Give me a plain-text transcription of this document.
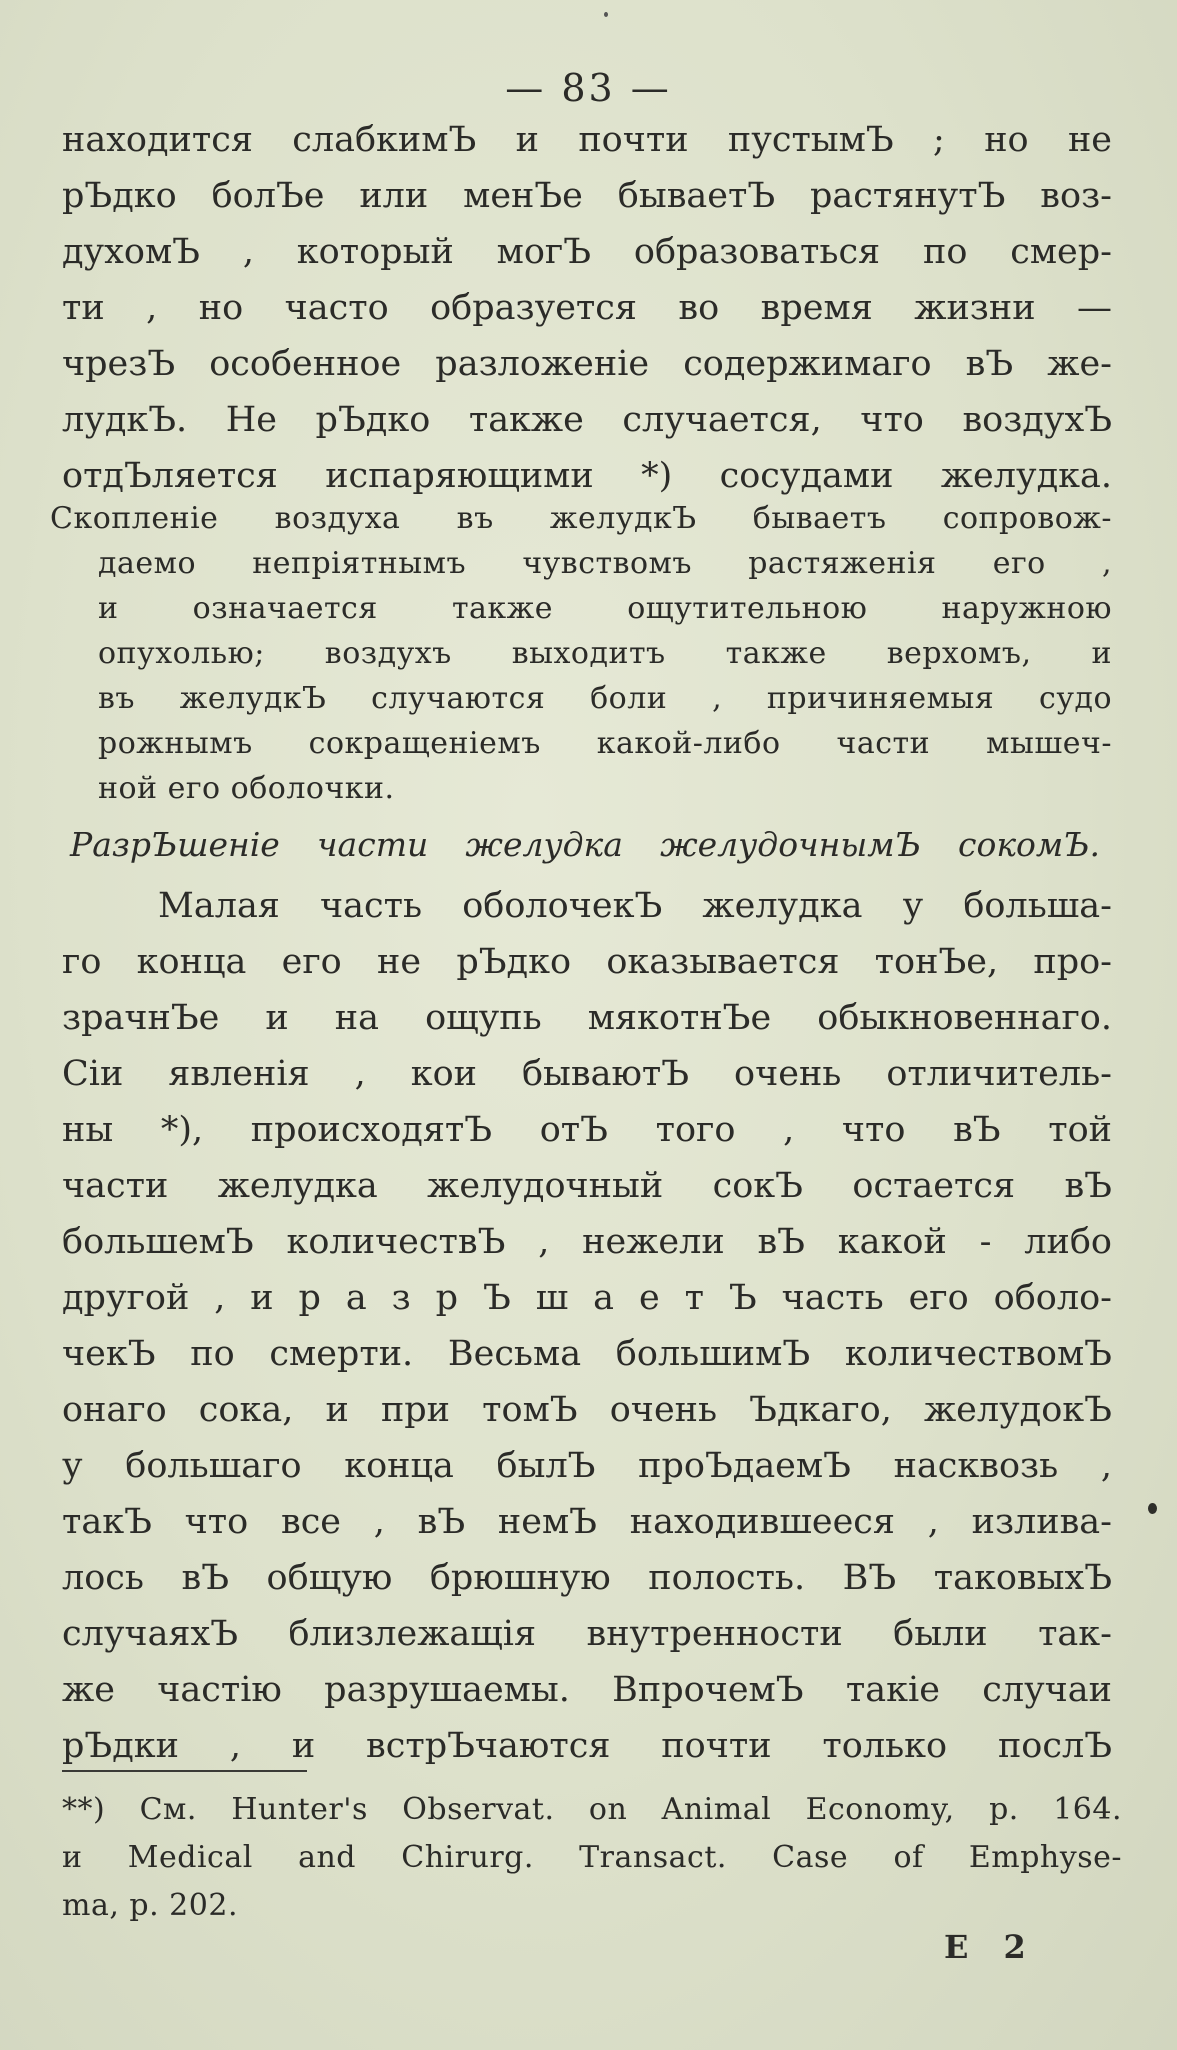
— 83 —
находится слабкимЪ и почти пустымЪ ; но не
рЪдко болЪе или менЪе бываетЪ растянутЪ воз-
духомЪ , который могЪ образоваться по смер-
ти , но часто образуется во время жизни —
чрезЪ особенное разложенiе содержимаго вЪ же-
лудкЪ. Не рЪдко также случается, что воздухЪ
отдЪляется испаряющими *) сосудами желудка.
Скопленiе воздуха въ желудкЪ бываетъ сопровож-
даемо непрiятнымъ чувствомъ растяженiя его ,
и означается также ощутительною наружною
опухолью; воздухъ выходитъ также верхомъ, и
въ желудкЪ случаются боли , причиняемыя судо
рожнымъ сокращенiемъ какой-либо части мышеч-
ной его оболочки.
РазрЪшенiе части желудка желудочнымЪ сокомЪ.
Малая часть оболочекЪ желудка у большa-
го конца его не рЪдко оказывается тонЪе, про-
зрачнЪе и на ощупь мякотнЪе обыкновеннаго.
Сiи явленiя , кои бываютЪ очень отличитель-
ны *), происходятЪ отЪ того , что вЪ той
части желудка желудочный сокЪ остается вЪ
большемЪ количествЪ , нежели вЪ какой - либо
другой , и р а з р Ъ ш а е т Ъ часть его оболо-
чекЪ по смерти. Весьма большимЪ количествомЪ
онаго сока, и при томЪ очень Ъдкаго, желудокЪ
у большаго конца былЪ проЪдаемЪ насквозь ,
такЪ что все , вЪ немЪ находившееся , излива-
лось вЪ общую брюшную полость. ВЪ таковыхЪ
случаяхЪ близлежащiя внутренности были так-
же частiю разрушаемы. ВпрочемЪ такiе случаи
рЪдки , и встрЪчаются почти только послЪ
**) См. Hunter's Observat. on Animal Economy, p. 164.
и Medical and Chirurg. Transact. Case of Emphyse-
ma, p. 202.
E 2
